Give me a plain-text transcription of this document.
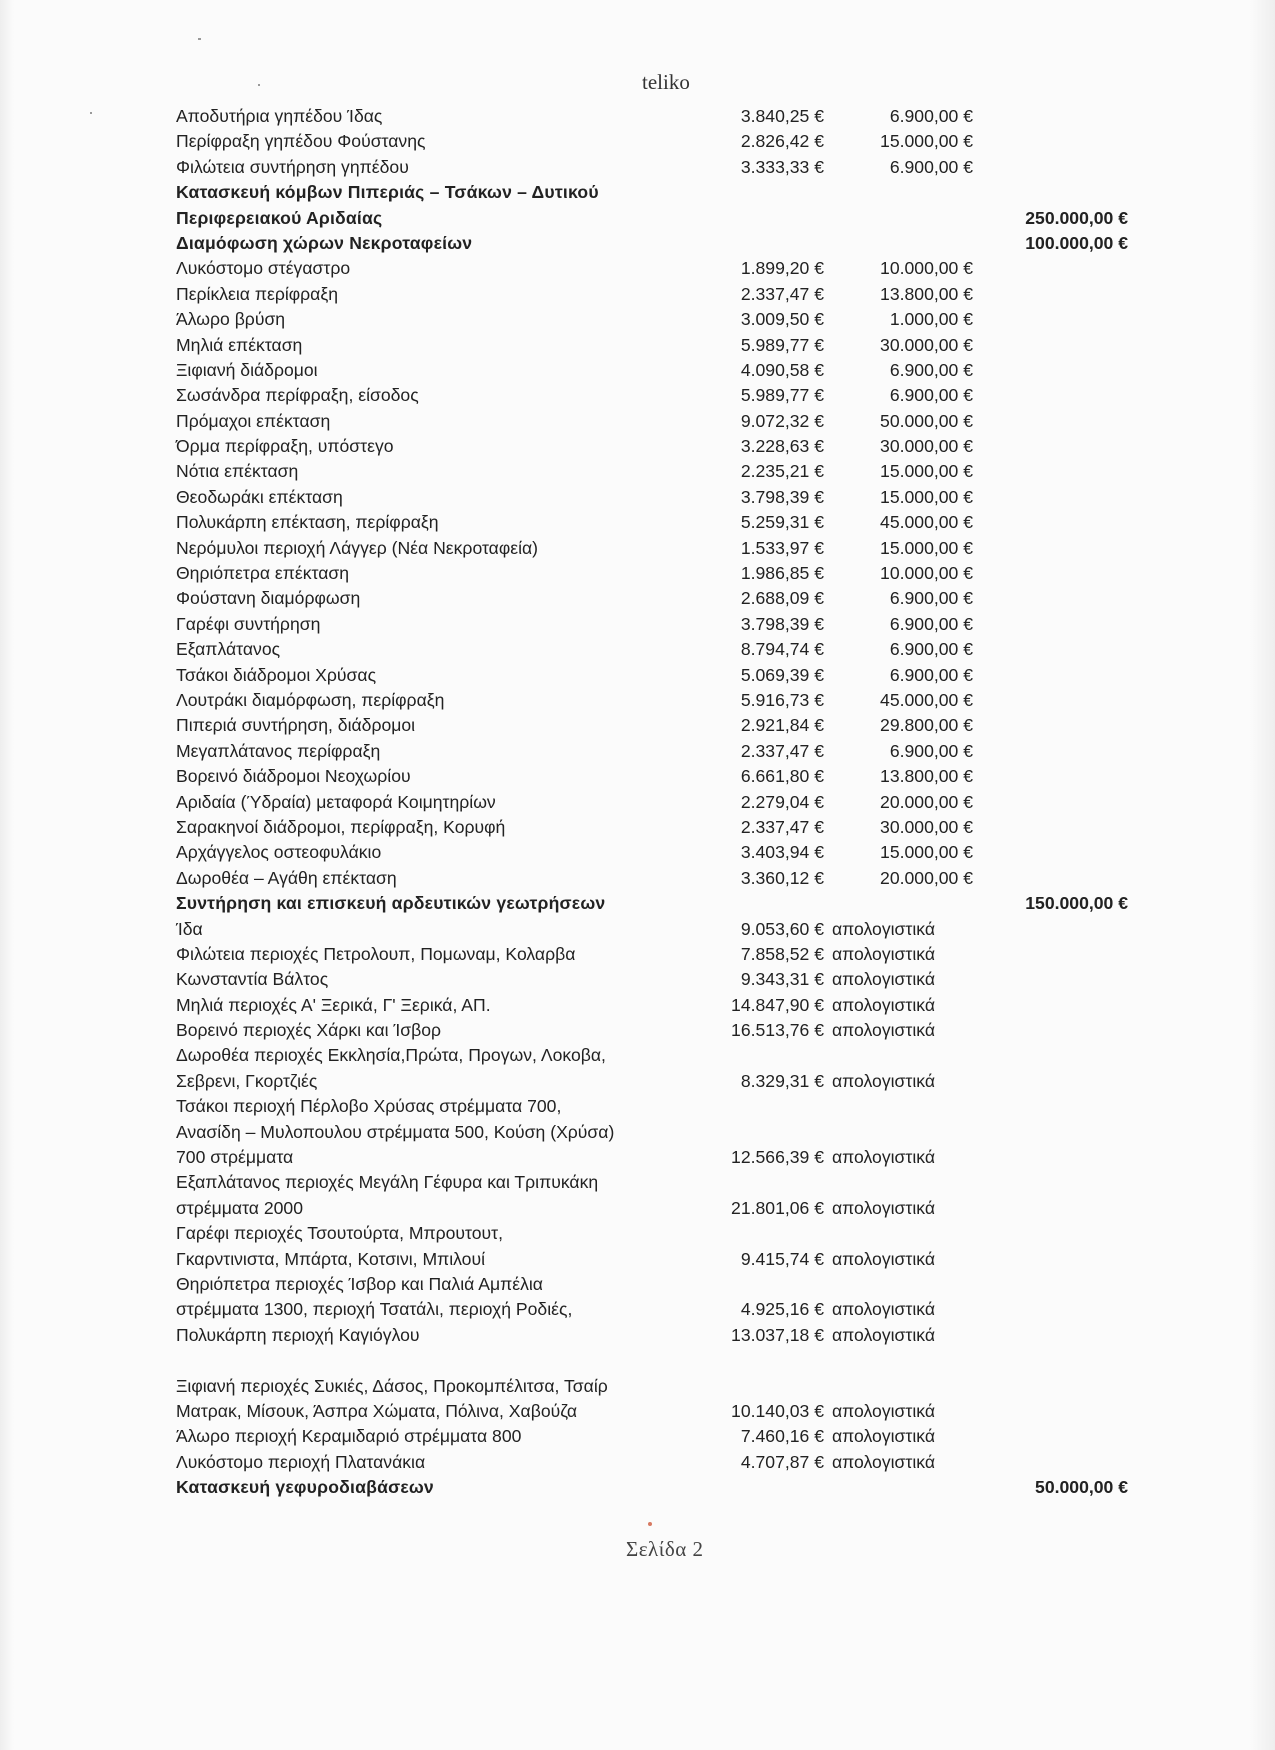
teliko
Αποδυτήρια γηπέδου Ίδας	3.840,25 €	6.900,00 €
Περίφραξη γηπέδου Φούστανης	2.826,42 €	15.000,00 €
Φιλώτεια συντήρηση γηπέδου	3.333,33 €	6.900,00 €
Κατασκευή κόμβων Πιπεριάς – Τσάκων – Δυτικού
Περιφερειακού Αριδαίας	250.000,00 €
Διαμόφωση χώρων Νεκροταφείων	100.000,00 €
Λυκόστομο στέγαστρο	1.899,20 €	10.000,00 €
Περίκλεια περίφραξη	2.337,47 €	13.800,00 €
Άλωρο βρύση	3.009,50 €	1.000,00 €
Μηλιά επέκταση	5.989,77 €	30.000,00 €
Ξιφιανή διάδρομοι	4.090,58 €	6.900,00 €
Σωσάνδρα περίφραξη, είσοδος	5.989,77 €	6.900,00 €
Πρόμαχοι επέκταση	9.072,32 €	50.000,00 €
Όρμα περίφραξη, υπόστεγο	3.228,63 €	30.000,00 €
Νότια επέκταση	2.235,21 €	15.000,00 €
Θεοδωράκι επέκταση	3.798,39 €	15.000,00 €
Πολυκάρπη επέκταση, περίφραξη	5.259,31 €	45.000,00 €
Νερόμυλοι περιοχή Λάγγερ (Νέα Νεκροταφεία)	1.533,97 €	15.000,00 €
Θηριόπετρα επέκταση	1.986,85 €	10.000,00 €
Φούστανη διαμόρφωση	2.688,09 €	6.900,00 €
Γαρέφι συντήρηση	3.798,39 €	6.900,00 €
Εξαπλάτανος	8.794,74 €	6.900,00 €
Τσάκοι διάδρομοι Χρύσας	5.069,39 €	6.900,00 €
Λουτράκι διαμόρφωση, περίφραξη	5.916,73 €	45.000,00 €
Πιπεριά συντήρηση, διάδρομοι	2.921,84 €	29.800,00 €
Μεγαπλάτανος περίφραξη	2.337,47 €	6.900,00 €
Βορεινό διάδρομοι Νεοχωρίου	6.661,80 €	13.800,00 €
Αριδαία (Ύδραία) μεταφορά Κοιμητηρίων	2.279,04 €	20.000,00 €
Σαρακηνοί διάδρομοι, περίφραξη, Κορυφή	2.337,47 €	30.000,00 €
Αρχάγγελος οστεοφυλάκιο	3.403,94 €	15.000,00 €
Δωροθέα – Αγάθη επέκταση	3.360,12 €	20.000,00 €
Συντήρηση και επισκευή αρδευτικών γεωτρήσεων	150.000,00 €
Ίδα	9.053,60 € απολογιστικά
Φιλώτεια περιοχές Πετρολουπ, Πομωναμ, Κολαρβα	7.858,52 € απολογιστικά
Κωνσταντία Βάλτος	9.343,31 € απολογιστικά
Μηλιά περιοχές Α' Ξερικά, Γ' Ξερικά, ΑΠ.	14.847,90 € απολογιστικά
Βορεινό περιοχές Χάρκι και Ίσβορ	16.513,76 € απολογιστικά
Δωροθέα περιοχές Εκκλησία,Πρώτα, Προγων, Λοκοβα,
Σεβρενι, Γκορτζιές	8.329,31 € απολογιστικά
Τσάκοι περιοχή Πέρλοβο Χρύσας στρέμματα 700,
Ανασίδη – Μυλοπουλου στρέμματα 500, Κούση (Χρύσα)
700 στρέμματα	12.566,39 € απολογιστικά
Εξαπλάτανος περιοχές Μεγάλη Γέφυρα και Τριπυκάκη
στρέμματα 2000	21.801,06 € απολογιστικά
Γαρέφι περιοχές Τσουτούρτα, Μπρουτουτ,
Γκαρντινιστα, Μπάρτα, Κοτσινι, Μπιλουί	9.415,74 € απολογιστικά
Θηριόπετρα περιοχές Ίσβορ και Παλιά Αμπέλια
στρέμματα 1300, περιοχή Τσατάλι, περιοχή Ροδιές,	4.925,16 € απολογιστικά
Πολυκάρπη περιοχή Καγιόγλου	13.037,18 € απολογιστικά
Ξιφιανή περιοχές Συκιές, Δάσος, Προκομπέλιτσα, Τσαίρ
Ματρακ, Μίσουκ, Άσπρα Χώματα, Πόλινα, Χαβούζα	10.140,03 € απολογιστικά
Άλωρο περιοχή Κεραμιδαριό στρέμματα 800	7.460,16 € απολογιστικά
Λυκόστομο περιοχή Πλατανάκια	4.707,87 € απολογιστικά
Κατασκευή γεφυροδιαβάσεων	50.000,00 €
Σελίδα 2
